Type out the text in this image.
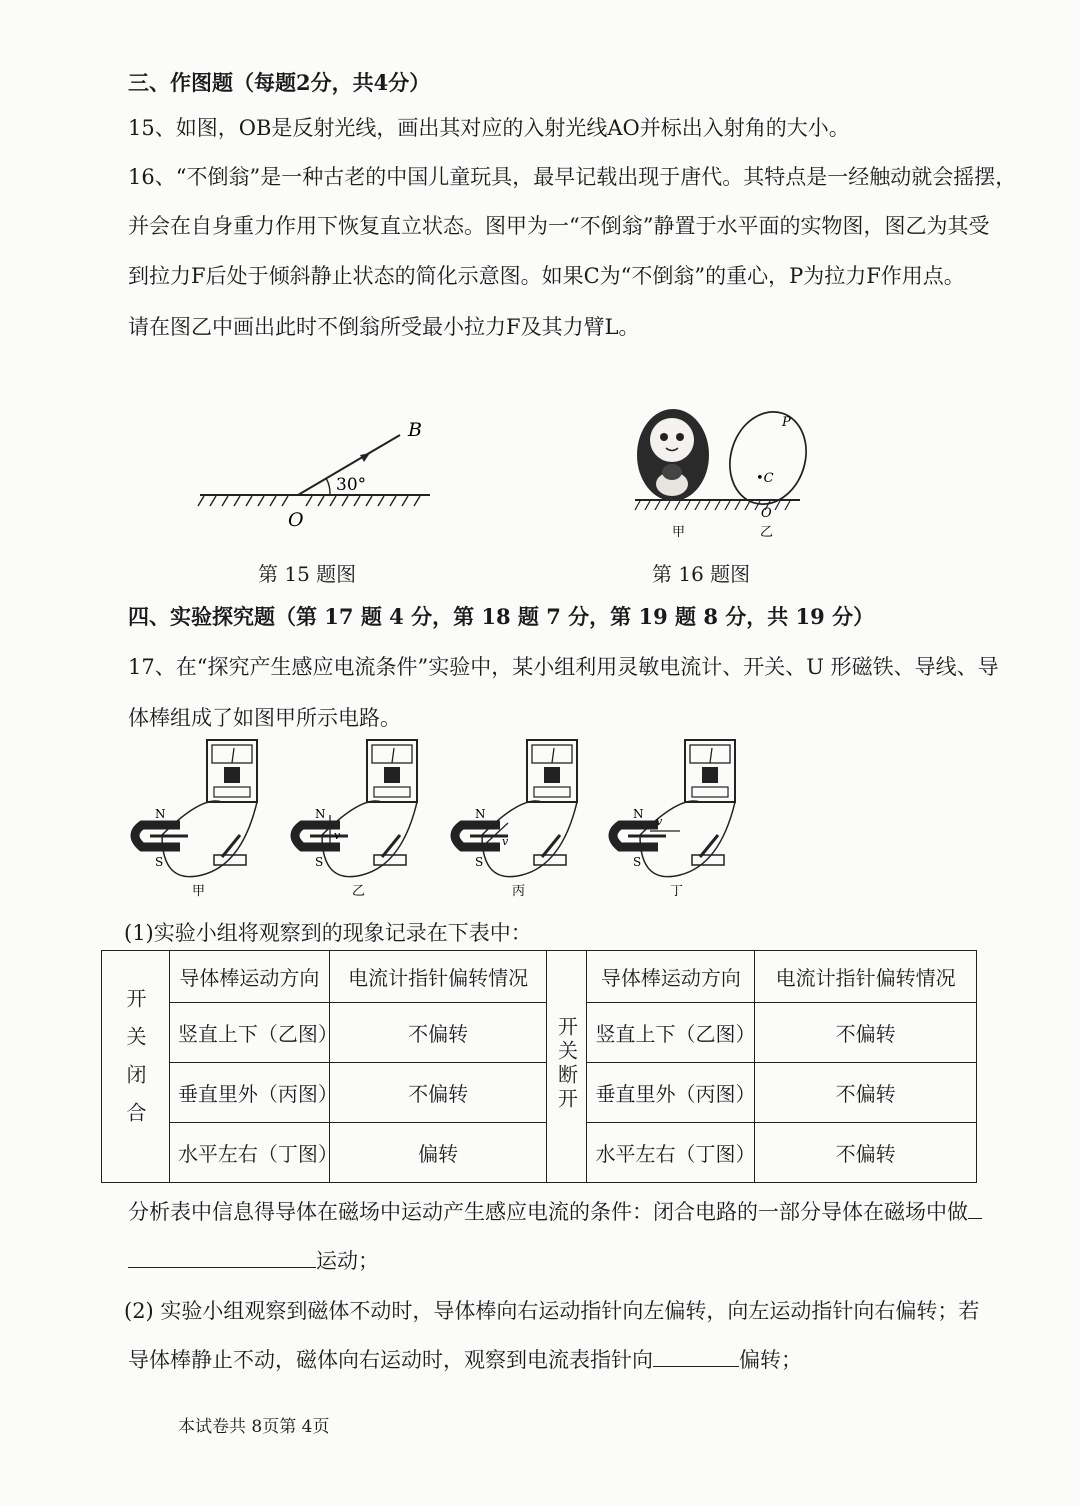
三、作图题（每题2分，共4分）
15、如图，OB是反射光线，画出其对应的入射光线AO并标出入射角的大小。
16、“不倒翁”是一种古老的中国儿童玩具，最早记载出现于唐代。其特点是一经触动就会摇摆，
并会在自身重力作用下恢复直立状态。图甲为一“不倒翁”静置于水平面的实物图，图乙为其受
到拉力F后处于倾斜静止状态的简化示意图。如果C为“不倒翁”的重心，P为拉力F作用点。
请在图乙中画出此时不倒翁所受最小拉力F及其力臂L。
B
O
30°
第 15 题图
P
•C
O
甲	乙
第 16 题图
四、实验探究题（第 17 题 4 分，第 18 题 7 分，第 19 题 8 分，共 19 分）
17、在“探究产生感应电流条件”实验中，某小组利用灵敏电流计、开关、U 形磁铁、导线、导
体棒组成了如图甲所示电路。
N
S
甲
N
S
v
乙
N
S
v
丙
N
S
v
丁
(1)实验小组将观察到的现象记录在下表中：
开关闭合	导体棒运动方向	电流计指针偏转情况	开关断开	导体棒运动方向	电流计指针偏转情况
	竖直上下（乙图）	不偏转		竖直上下（乙图）	不偏转
	垂直里外（丙图）	不偏转		垂直里外（丙图）	不偏转
	水平左右（丁图）	偏转		水平左右（丁图）	不偏转
分析表中信息得导体在磁场中运动产生感应电流的条件：闭合电路的一部分导体在磁场中做
运动；
(2) 实验小组观察到磁体不动时，导体棒向右运动指针向左偏转，向左运动指针向右偏转；若
导体棒静止不动，磁体向右运动时，观察到电流表指针向	偏转；
本试卷共 8页第 4页
